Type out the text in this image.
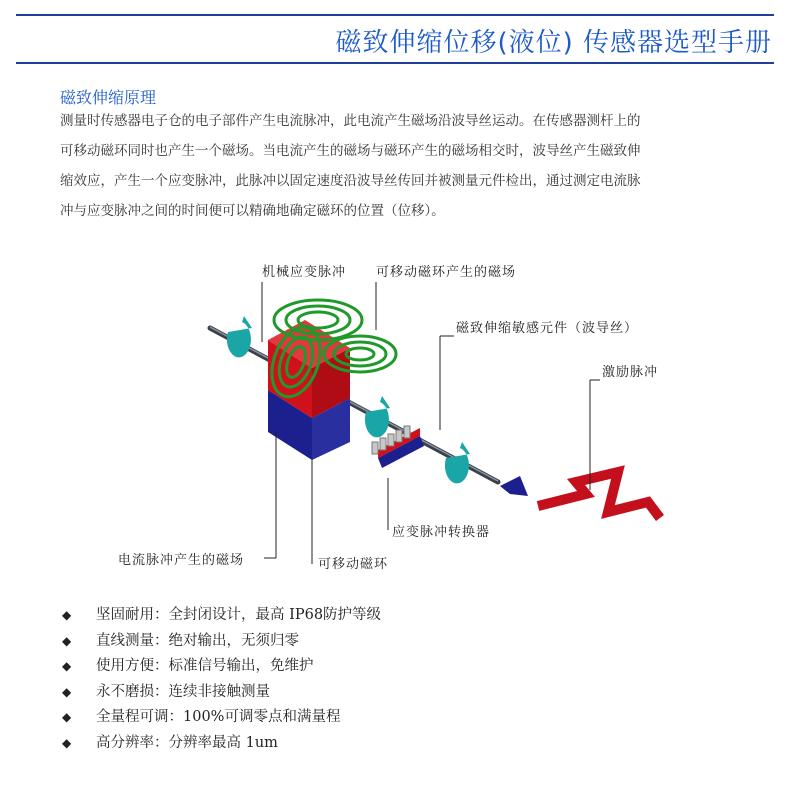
磁致伸缩位移(液位) 传感器选型手册
磁致伸缩原理

测量时传感器电子仓的电子部件产生电流脉冲，此电流产生磁场沿波导丝运动。在传感器测杆上的
可移动磁环同时也产生一个磁场。当电流产生的磁场与磁环产生的磁场相交时，波导丝产生磁致伸
缩效应，产生一个应变脉冲，此脉冲以固定速度沿波导丝传回并被测量元件检出，通过测定电流脉
冲与应变脉冲之间的时间便可以精确地确定磁环的位置（位移）。

机械应变脉冲 可移动磁环产生的磁场
磁致伸缩敏感元件（波导丝）
激励脉冲
应变脉冲转换器
电流脉冲产生的磁场	可移动磁环
◆ 坚固耐用：全封闭设计，最高 IP68防护等级
◆ 直线测量：绝对输出，无须归零
◆ 使用方便：标准信号输出，免维护
◆ 永不磨损：连续非接触测量
◆ 全量程可调：100%可调零点和满量程
◆ 高分辨率：分辨率最高 1um
